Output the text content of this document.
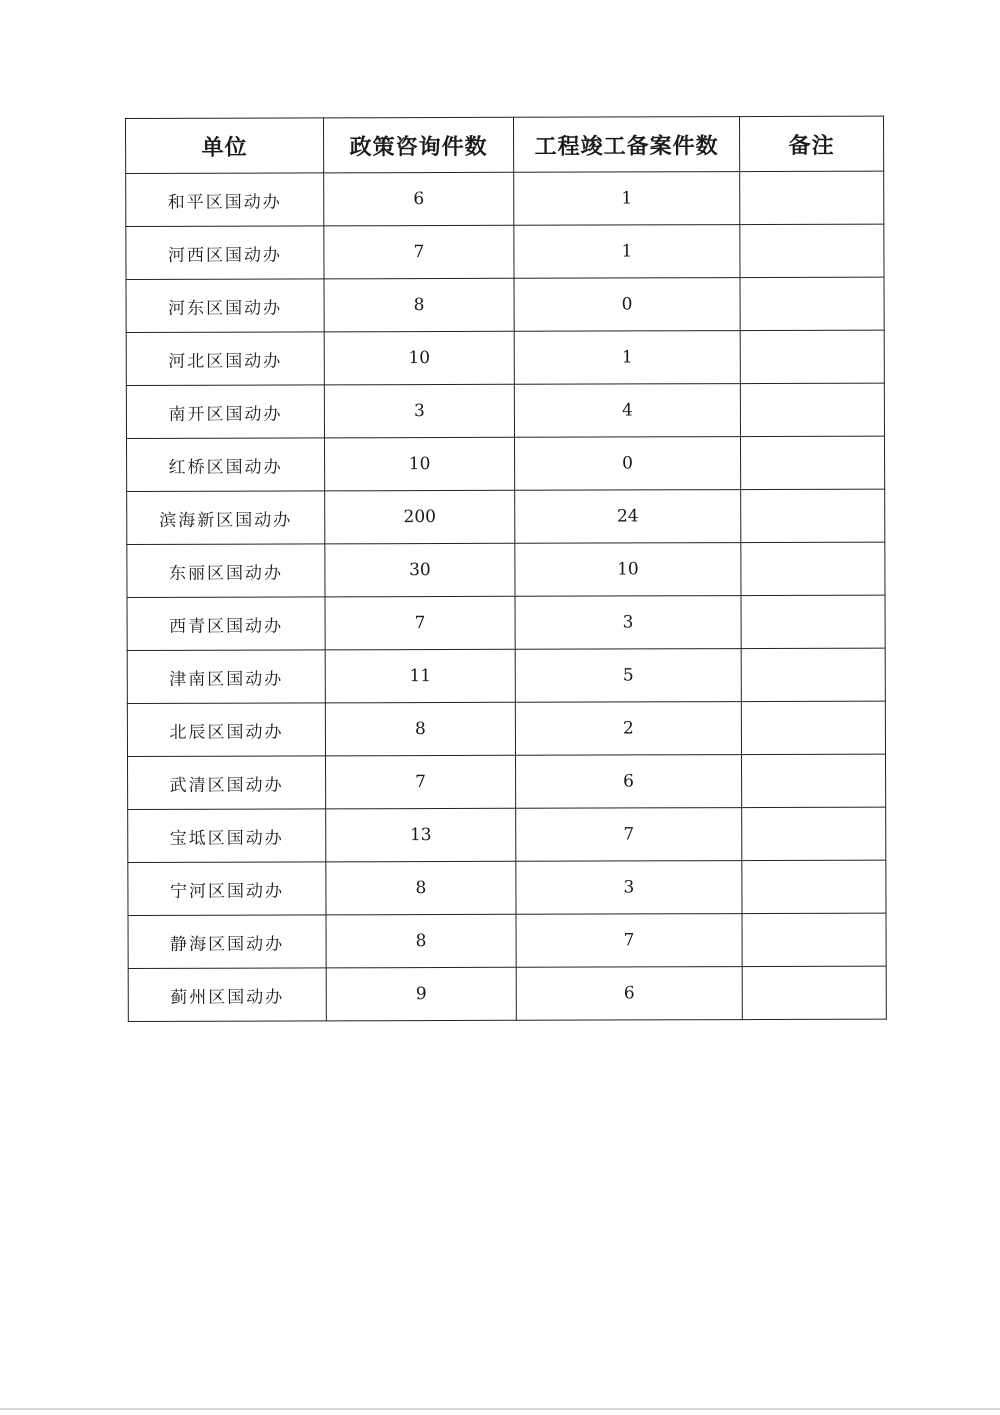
单位	政策咨询件数	工程竣工备案件数	备注
和平区国动办	6	1	
河西区国动办	7	1	
河东区国动办	8	0	
河北区国动办	10	1	
南开区国动办	3	4	
红桥区国动办	10	0	
滨海新区国动办	200	24	
东丽区国动办	30	10	
西青区国动办	7	3	
津南区国动办	11	5	
北辰区国动办	8	2	
武清区国动办	7	6	
宝坻区国动办	13	7	
宁河区国动办	8	3	
静海区国动办	8	7	
蓟州区国动办	9	6	
